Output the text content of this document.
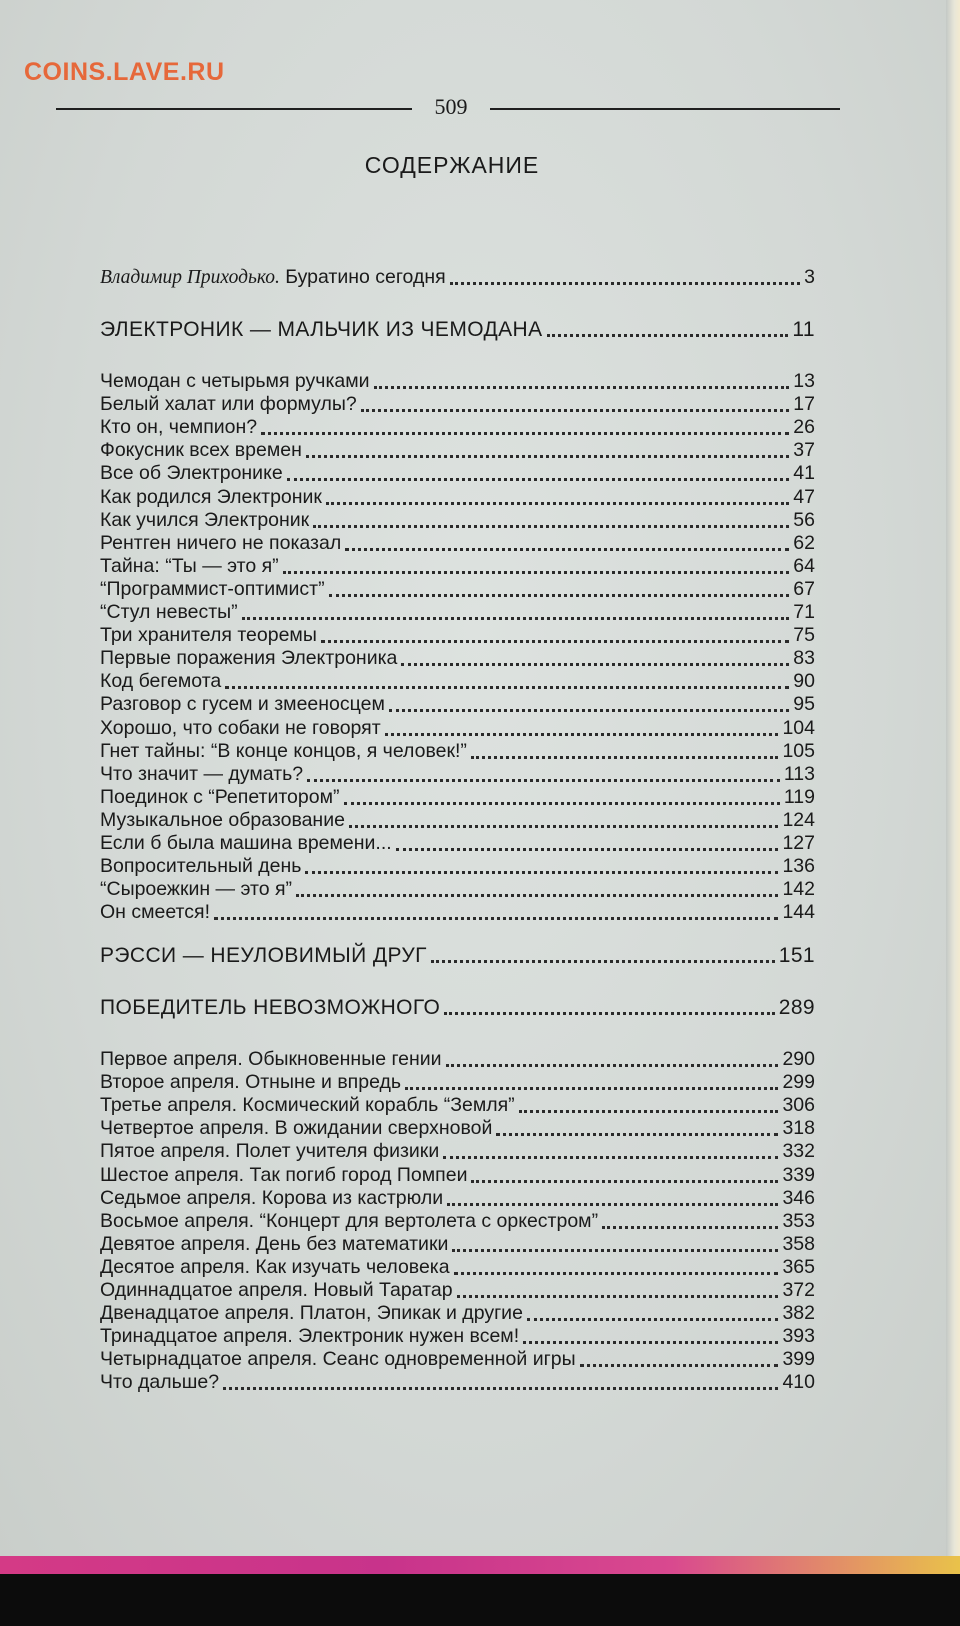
COINS.LAVE.RU
509
СОДЕРЖАНИЕ
Владимир Приходько. Буратино сегодня	3
ЭЛЕКТРОНИК — МАЛЬЧИК ИЗ ЧЕМОДАНА	11
Чемодан с четырьмя ручками	13
Белый халат или формулы?	17
Кто он, чемпион?	26
Фокусник всех времен	37
Все об Электронике	41
Как родился Электроник	47
Как учился Электроник	56
Рентген ничего не показал	62
Тайна: “Ты — это я”	64
“Программист-оптимист”	67
“Стул невесты”	71
Три хранителя теоремы	75
Первые поражения Электроника	83
Код бегемота	90
Разговор с гусем и змееносцем	95
Хорошо, что собаки не говорят	104
Гнет тайны: “В конце концов, я человек!”	105
Что значит — думать?	113
Поединок с “Репетитором”	119
Музыкальное образование	124
Если б была машина времени...	127
Вопросительный день	136
“Сыроежкин — это я”	142
Он смеется!	144
РЭССИ — НЕУЛОВИМЫЙ ДРУГ	151
ПОБЕДИТЕЛЬ НЕВОЗМОЖНОГО	289
Первое апреля. Обыкновенные гении	290
Второе апреля. Отныне и впредь	299
Третье апреля. Космический корабль “Земля”	306
Четвертое апреля. В ожидании сверхновой	318
Пятое апреля. Полет учителя физики	332
Шестое апреля. Так погиб город Помпеи	339
Седьмое апреля. Корова из кастрюли	346
Восьмое апреля. “Концерт для вертолета с оркестром”	353
Девятое апреля. День без математики	358
Десятое апреля. Как изучать человека	365
Одиннадцатое апреля. Новый Таратар	372
Двенадцатое апреля. Платон, Эпикак и другие	382
Тринадцатое апреля. Электроник нужен всем!	393
Четырнадцатое апреля. Сеанс одновременной игры	399
Что дальше?	410
